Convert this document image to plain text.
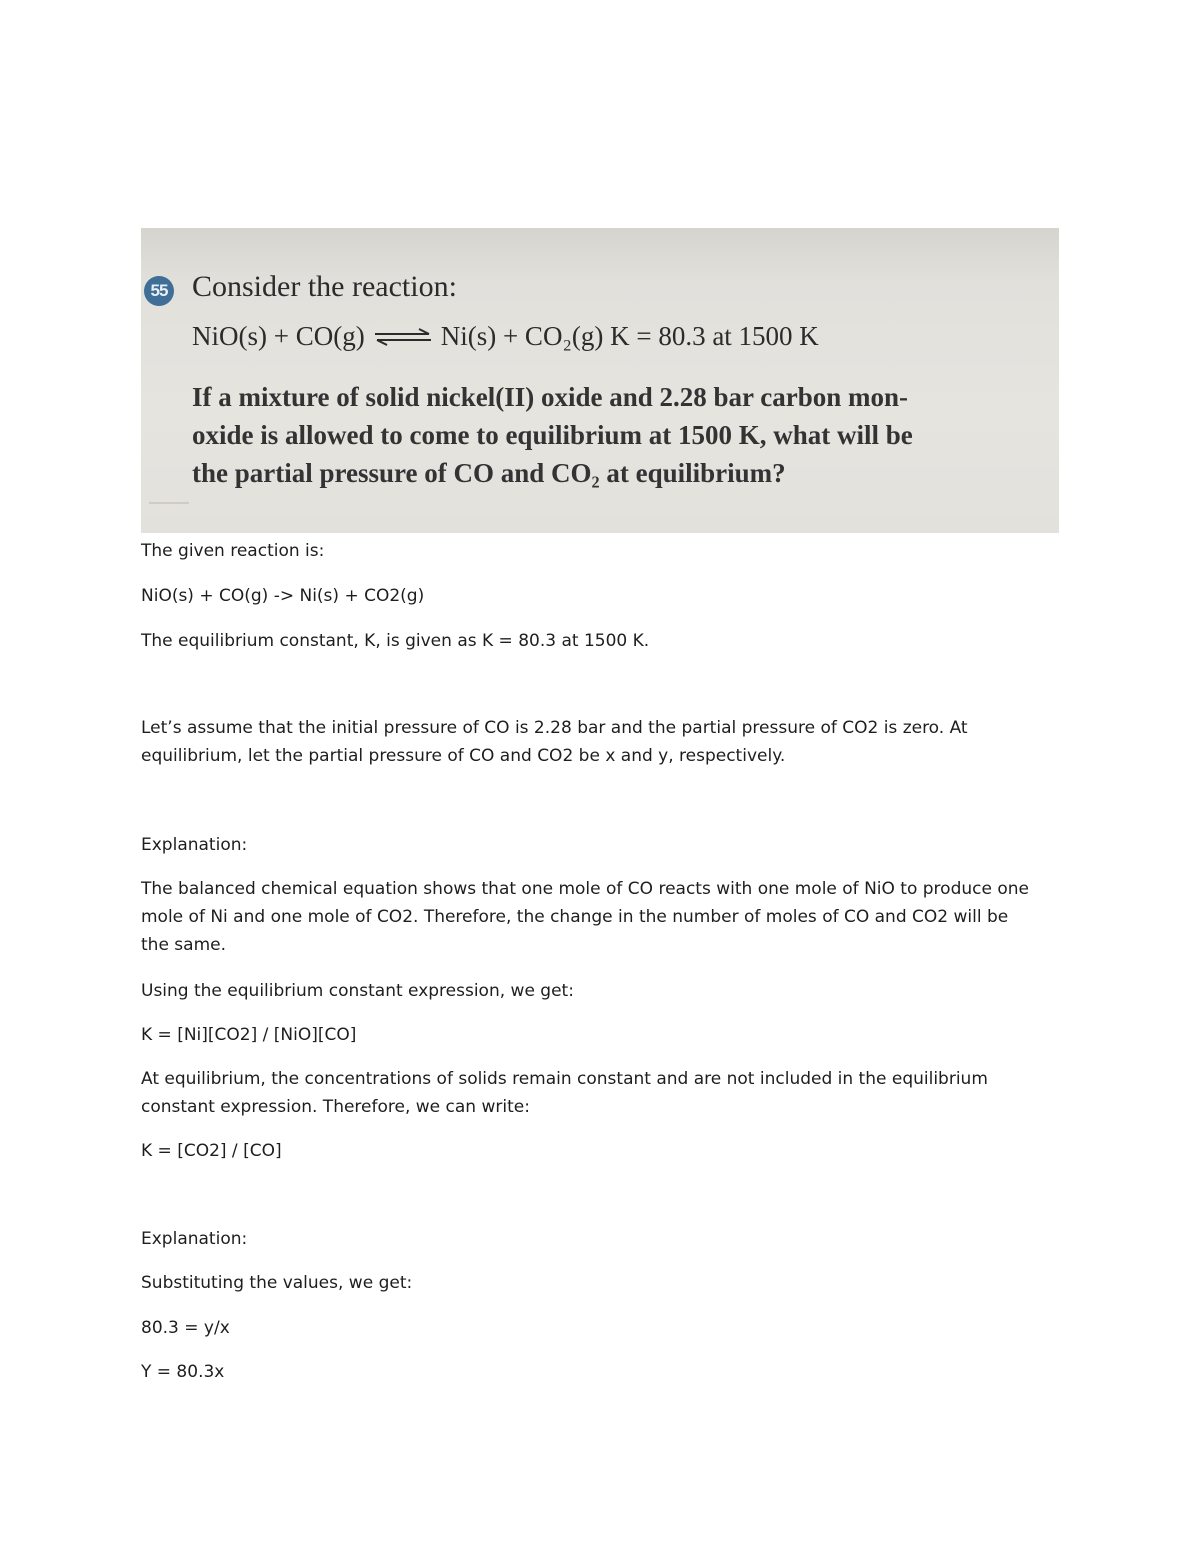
55 Consider the reaction:
NiO(s) + CO(g) ⇌ Ni(s) + CO₂(g) K = 80.3 at 1500 K
If a mixture of solid nickel(II) oxide and 2.28 bar carbon mon-
oxide is allowed to come to equilibrium at 1500 K, what will be
the partial pressure of CO and CO₂ at equilibrium?
The given reaction is:
NiO(s) + CO(g) -> Ni(s) + CO2(g)
The equilibrium constant, K, is given as K = 80.3 at 1500 K.
Let’s assume that the initial pressure of CO is 2.28 bar and the partial pressure of CO2 is zero. At
equilibrium, let the partial pressure of CO and CO2 be x and y, respectively.
Explanation:
The balanced chemical equation shows that one mole of CO reacts with one mole of NiO to produce one
mole of Ni and one mole of CO2. Therefore, the change in the number of moles of CO and CO2 will be
the same.
Using the equilibrium constant expression, we get:
K = [Ni][CO2] / [NiO][CO]
At equilibrium, the concentrations of solids remain constant and are not included in the equilibrium
constant expression. Therefore, we can write:
K = [CO2] / [CO]
Explanation:
Substituting the values, we get:
80.3 = y/x
Y = 80.3x
